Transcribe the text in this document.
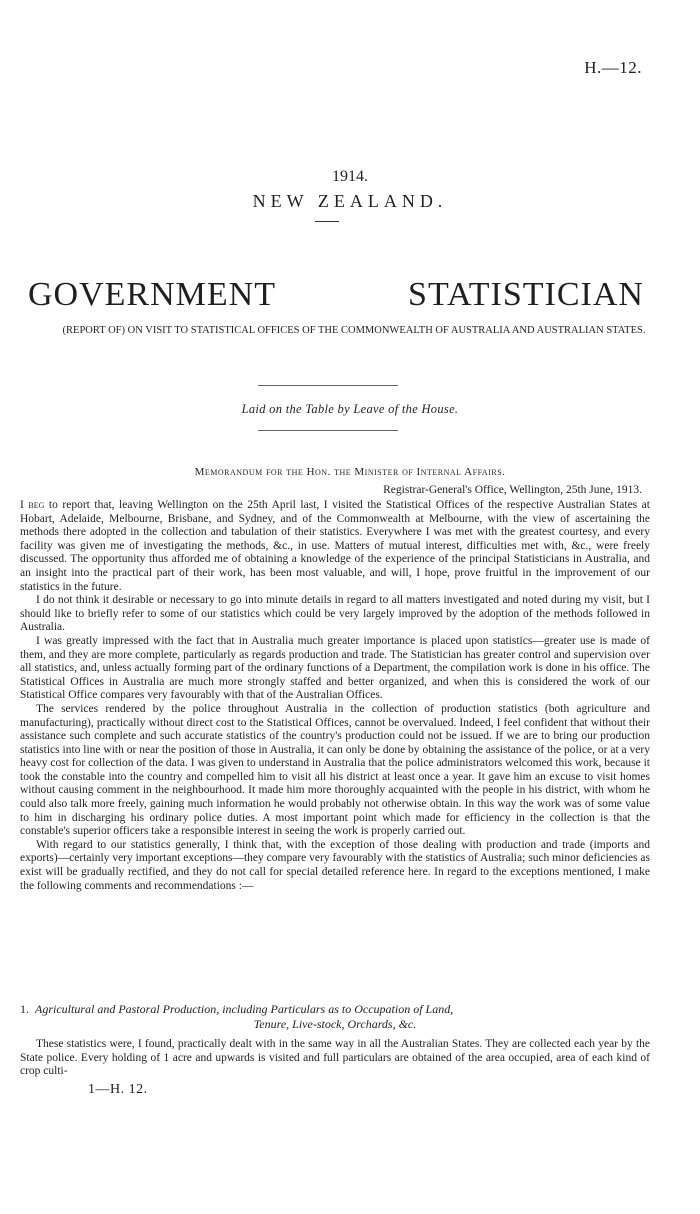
H.—12.
1914.
NEW ZEALAND.
GOVERNMENT	STATISTICIAN
(REPORT OF) ON VISIT TO STATISTICAL OFFICES OF THE COMMONWEALTH OF AUSTRALIA AND AUSTRALIAN STATES.
Laid on the Table by Leave of the House.
Memorandum for the Hon. the Minister of Internal Affairs.
Registrar-General's Office, Wellington, 25th June, 1913.

I beg to report that, leaving Wellington on the 25th April last, I visited the Statistical Offices of the respective Australian States at Hobart, Adelaide, Melbourne, Brisbane, and Sydney, and of the Commonwealth at Melbourne, with the view of ascertaining the methods there adopted in the collection and tabulation of their statistics. Everywhere I was met with the greatest courtesy, and every facility was given me of investigating the methods, &c., in use. Matters of mutual interest, difficulties met with, &c., were freely discussed. The opportunity thus afforded me of obtaining a knowledge of the experience of the principal Statisticians in Australia, and an insight into the practical part of their work, has been most valuable, and will, I hope, prove fruitful in the improvement of our statistics in the future.

I do not think it desirable or necessary to go into minute details in regard to all matters investigated and noted during my visit, but I should like to briefly refer to some of our statistics which could be very largely improved by the adoption of the methods followed in Australia.

I was greatly impressed with the fact that in Australia much greater importance is placed upon statistics—greater use is made of them, and they are more complete, particularly as regards production and trade. The Statistician has greater control and supervision over all statistics, and, unless actually forming part of the ordinary functions of a Department, the compilation work is done in his office. The Statistical Offices in Australia are much more strongly staffed and better organized, and when this is considered the work of our Statistical Office compares very favourably with that of the Australian Offices.

The services rendered by the police throughout Australia in the collection of production statistics (both agriculture and manufacturing), practically without direct cost to the Statistical Offices, cannot be overvalued. Indeed, I feel confident that without their assistance such complete and such accurate statistics of the country's production could not be issued. If we are to bring our production statistics into line with or near the position of those in Australia, it can only be done by obtaining the assistance of the police, or at a very heavy cost for collection of the data. I was given to understand in Australia that the police administrators welcomed this work, because it took the constable into the country and compelled him to visit all his district at least once a year. It gave him an excuse to visit homes without causing comment in the neighbourhood. It made him more thoroughly acquainted with the people in his district, with whom he could also talk more freely, gaining much information he would probably not otherwise obtain. In this way the work was of some value to him in discharging his ordinary police duties. A most important point which made for efficiency in the collection is that the constable's superior officers take a responsible interest in seeing the work is properly carried out.

With regard to our statistics generally, I think that, with the exception of those dealing with production and trade (imports and exports)—certainly very important exceptions—they compare very favourably with the statistics of Australia; such minor deficiencies as exist will be gradually rectified, and they do not call for special detailed reference here. In regard to the exceptions mentioned, I make the following comments and recommendations :—

1. Agricultural and Pastoral Production, including Particulars as to Occupation of Land,
Tenure, Live-stock, Orchards, &c.

These statistics were, I found, practically dealt with in the same way in all the Australian States. They are collected each year by the State police. Every holding of 1 acre and upwards is visited and full particulars are obtained of the area occupied, area of each kind of crop culti-

1—H. 12.
